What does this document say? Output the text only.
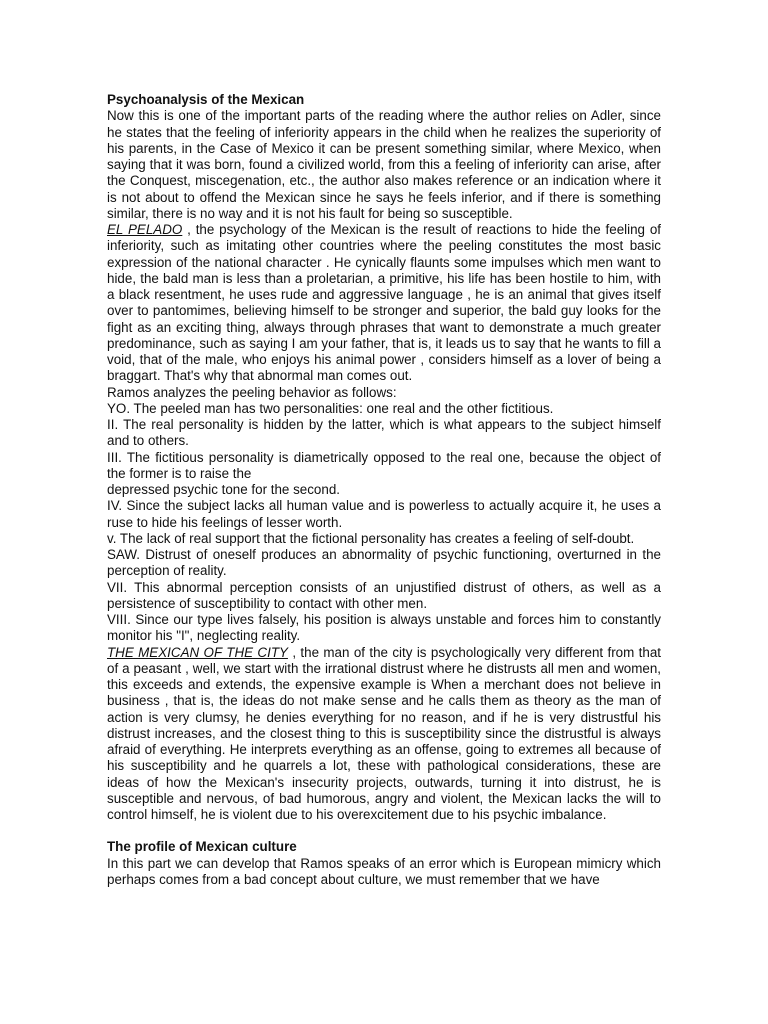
Psychoanalysis of the Mexican

Now this is one of the important parts of the reading where the author relies on Adler, since he states that the feeling of inferiority appears in the child when he realizes the superiority of his parents, in the Case of Mexico it can be present something similar, where Mexico, when saying that it was born, found a civilized world, from this a feeling of inferiority can arise, after the Conquest, miscegenation, etc., the author also makes reference or an indication where it is not about to offend the Mexican since he says he feels inferior, and if there is something similar, there is no way and it is not his fault for being so susceptible.

EL PELADO , the psychology of the Mexican is the result of reactions to hide the feeling of inferiority, such as imitating other countries where the peeling constitutes the most basic expression of the national character . He cynically flaunts some impulses which men want to hide, the bald man is less than a proletarian, a primitive, his life has been hostile to him, with a black resentment, he uses rude and aggressive language , he is an animal that gives itself over to pantomimes, believing himself to be stronger and superior, the bald guy looks for the fight as an exciting thing, always through phrases that want to demonstrate a much greater predominance, such as saying I am your father, that is, it leads us to say that he wants to fill a void, that of the male, who enjoys his animal power , considers himself as a lover of being a braggart. That's why that abnormal man comes out.

Ramos analyzes the peeling behavior as follows:

YO. The peeled man has two personalities: one real and the other fictitious.

II. The real personality is hidden by the latter, which is what appears to the subject himself and to others.

III. The fictitious personality is diametrically opposed to the real one, because the object of the former is to raise the

depressed psychic tone for the second.

IV. Since the subject lacks all human value and is powerless to actually acquire it, he uses a ruse to hide his feelings of lesser worth.

v. The lack of real support that the fictional personality has creates a feeling of self-doubt.

SAW. Distrust of oneself produces an abnormality of psychic functioning, overturned in the perception of reality.

VII. This abnormal perception consists of an unjustified distrust of others, as well as a persistence of susceptibility to contact with other men.

VIII. Since our type lives falsely, his position is always unstable and forces him to constantly monitor his "I", neglecting reality.

THE MEXICAN OF THE CITY , the man of the city is psychologically very different from that of a peasant , well, we start with the irrational distrust where he distrusts all men and women, this exceeds and extends, the expensive example is When a merchant does not believe in business , that is, the ideas do not make sense and he calls them as theory as the man of action is very clumsy, he denies everything for no reason, and if he is very distrustful his distrust increases, and the closest thing to this is susceptibility since the distrustful is always afraid of everything. He interprets everything as an offense, going to extremes all because of his susceptibility and he quarrels a lot, these with pathological considerations, these are ideas of how the Mexican's insecurity projects, outwards, turning it into distrust, he is susceptible and nervous, of bad humorous, angry and violent, the Mexican lacks the will to control himself, he is violent due to his overexcitement due to his psychic imbalance.

The profile of Mexican culture

In this part we can develop that Ramos speaks of an error which is European mimicry which perhaps comes from a bad concept about culture, we must remember that we have
